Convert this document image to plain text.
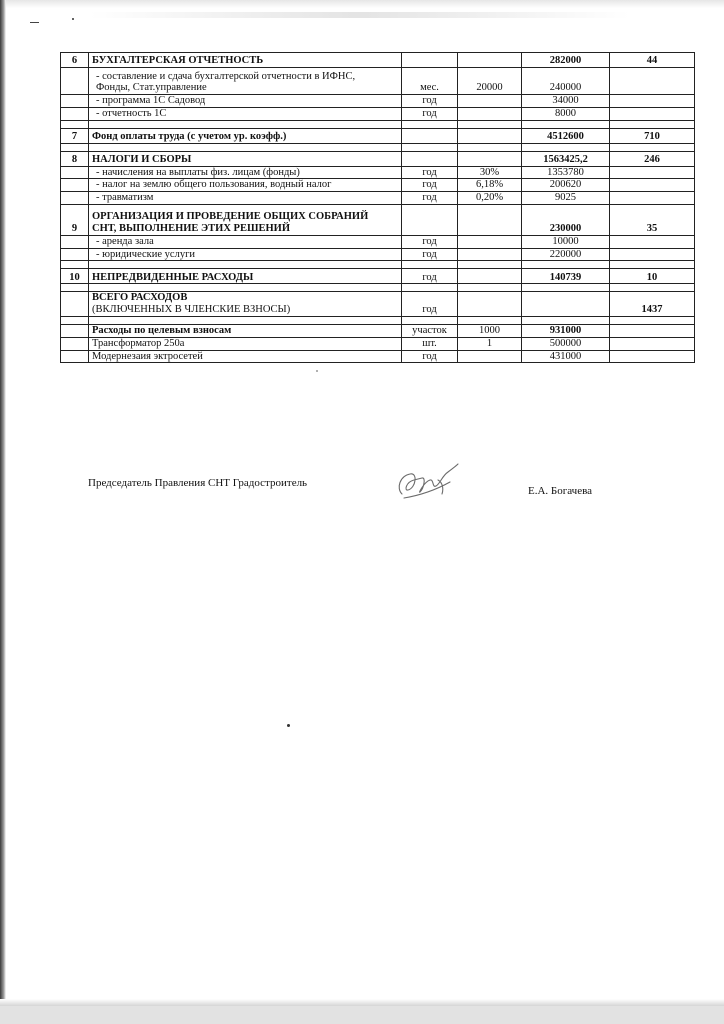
6	БУХГАЛТЕРСКАЯ ОТЧЕТНОСТЬ			282000	44

	- составление и сдача бухгалтерской отчетности в ИФНС,
Фонды, Стат.управление	мес.	20000	240000	
	- программа 1С Садовод	год		34000	
	- отчетность 1С	год		8000	

7	Фонд оплаты труда (с учетом ур. коэфф.)			4512600	710

8	НАЛОГИ И СБОРЫ			1563425,2	246
	- начисления на выплаты физ. лицам (фонды)	год	30%	1353780	
	- налог на землю общего пользования, водный налог	год	6,18%	200620	
	- травматизм	год	0,20%	9025	
9	ОРГАНИЗАЦИЯ И ПРОВЕДЕНИЕ ОБЩИХ СОБРАНИЙ
СНТ, ВЫПОЛНЕНИЕ ЭТИХ РЕШЕНИЙ			230000	35
	- аренда зала	год		10000	
	- юридические услуги	год		220000	

10	НЕПРЕДВИДЕННЫЕ РАСХОДЫ	год		140739	10

	ВСЕГО РАСХОДОВ
(ВКЛЮЧЕННЫХ В ЧЛЕНСКИЕ ВЗНОСЫ)	год			1437

	Расходы по целевым взносам	участок	1000	931000	
	Трансформатор 250а	шт.	1	500000	
	Модернезаия эктросетей	год		431000	
Председатель Правления СНТ Градостроитель
Е.А. Богачева
